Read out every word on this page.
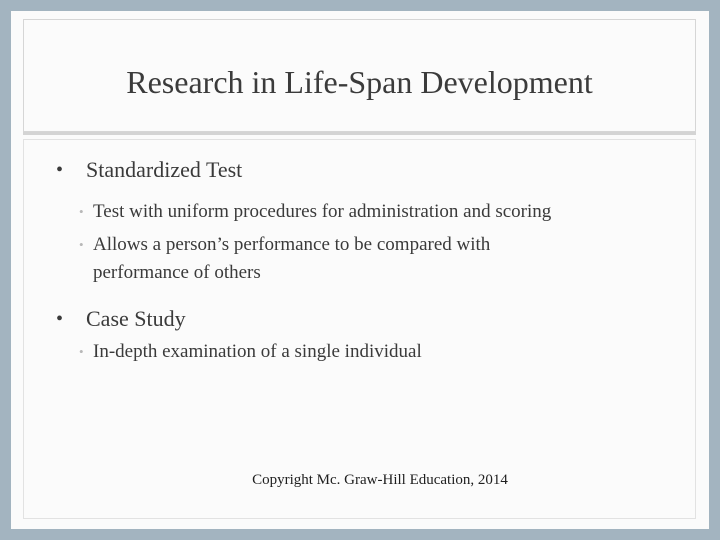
Research in Life-Span Development
• Standardized Test
• Test with uniform procedures for administration and scoring
• Allows a person’s performance to be compared with performance of others
• Case Study
• In-depth examination of a single individual
Copyright Mc. Graw-Hill Education, 2014
